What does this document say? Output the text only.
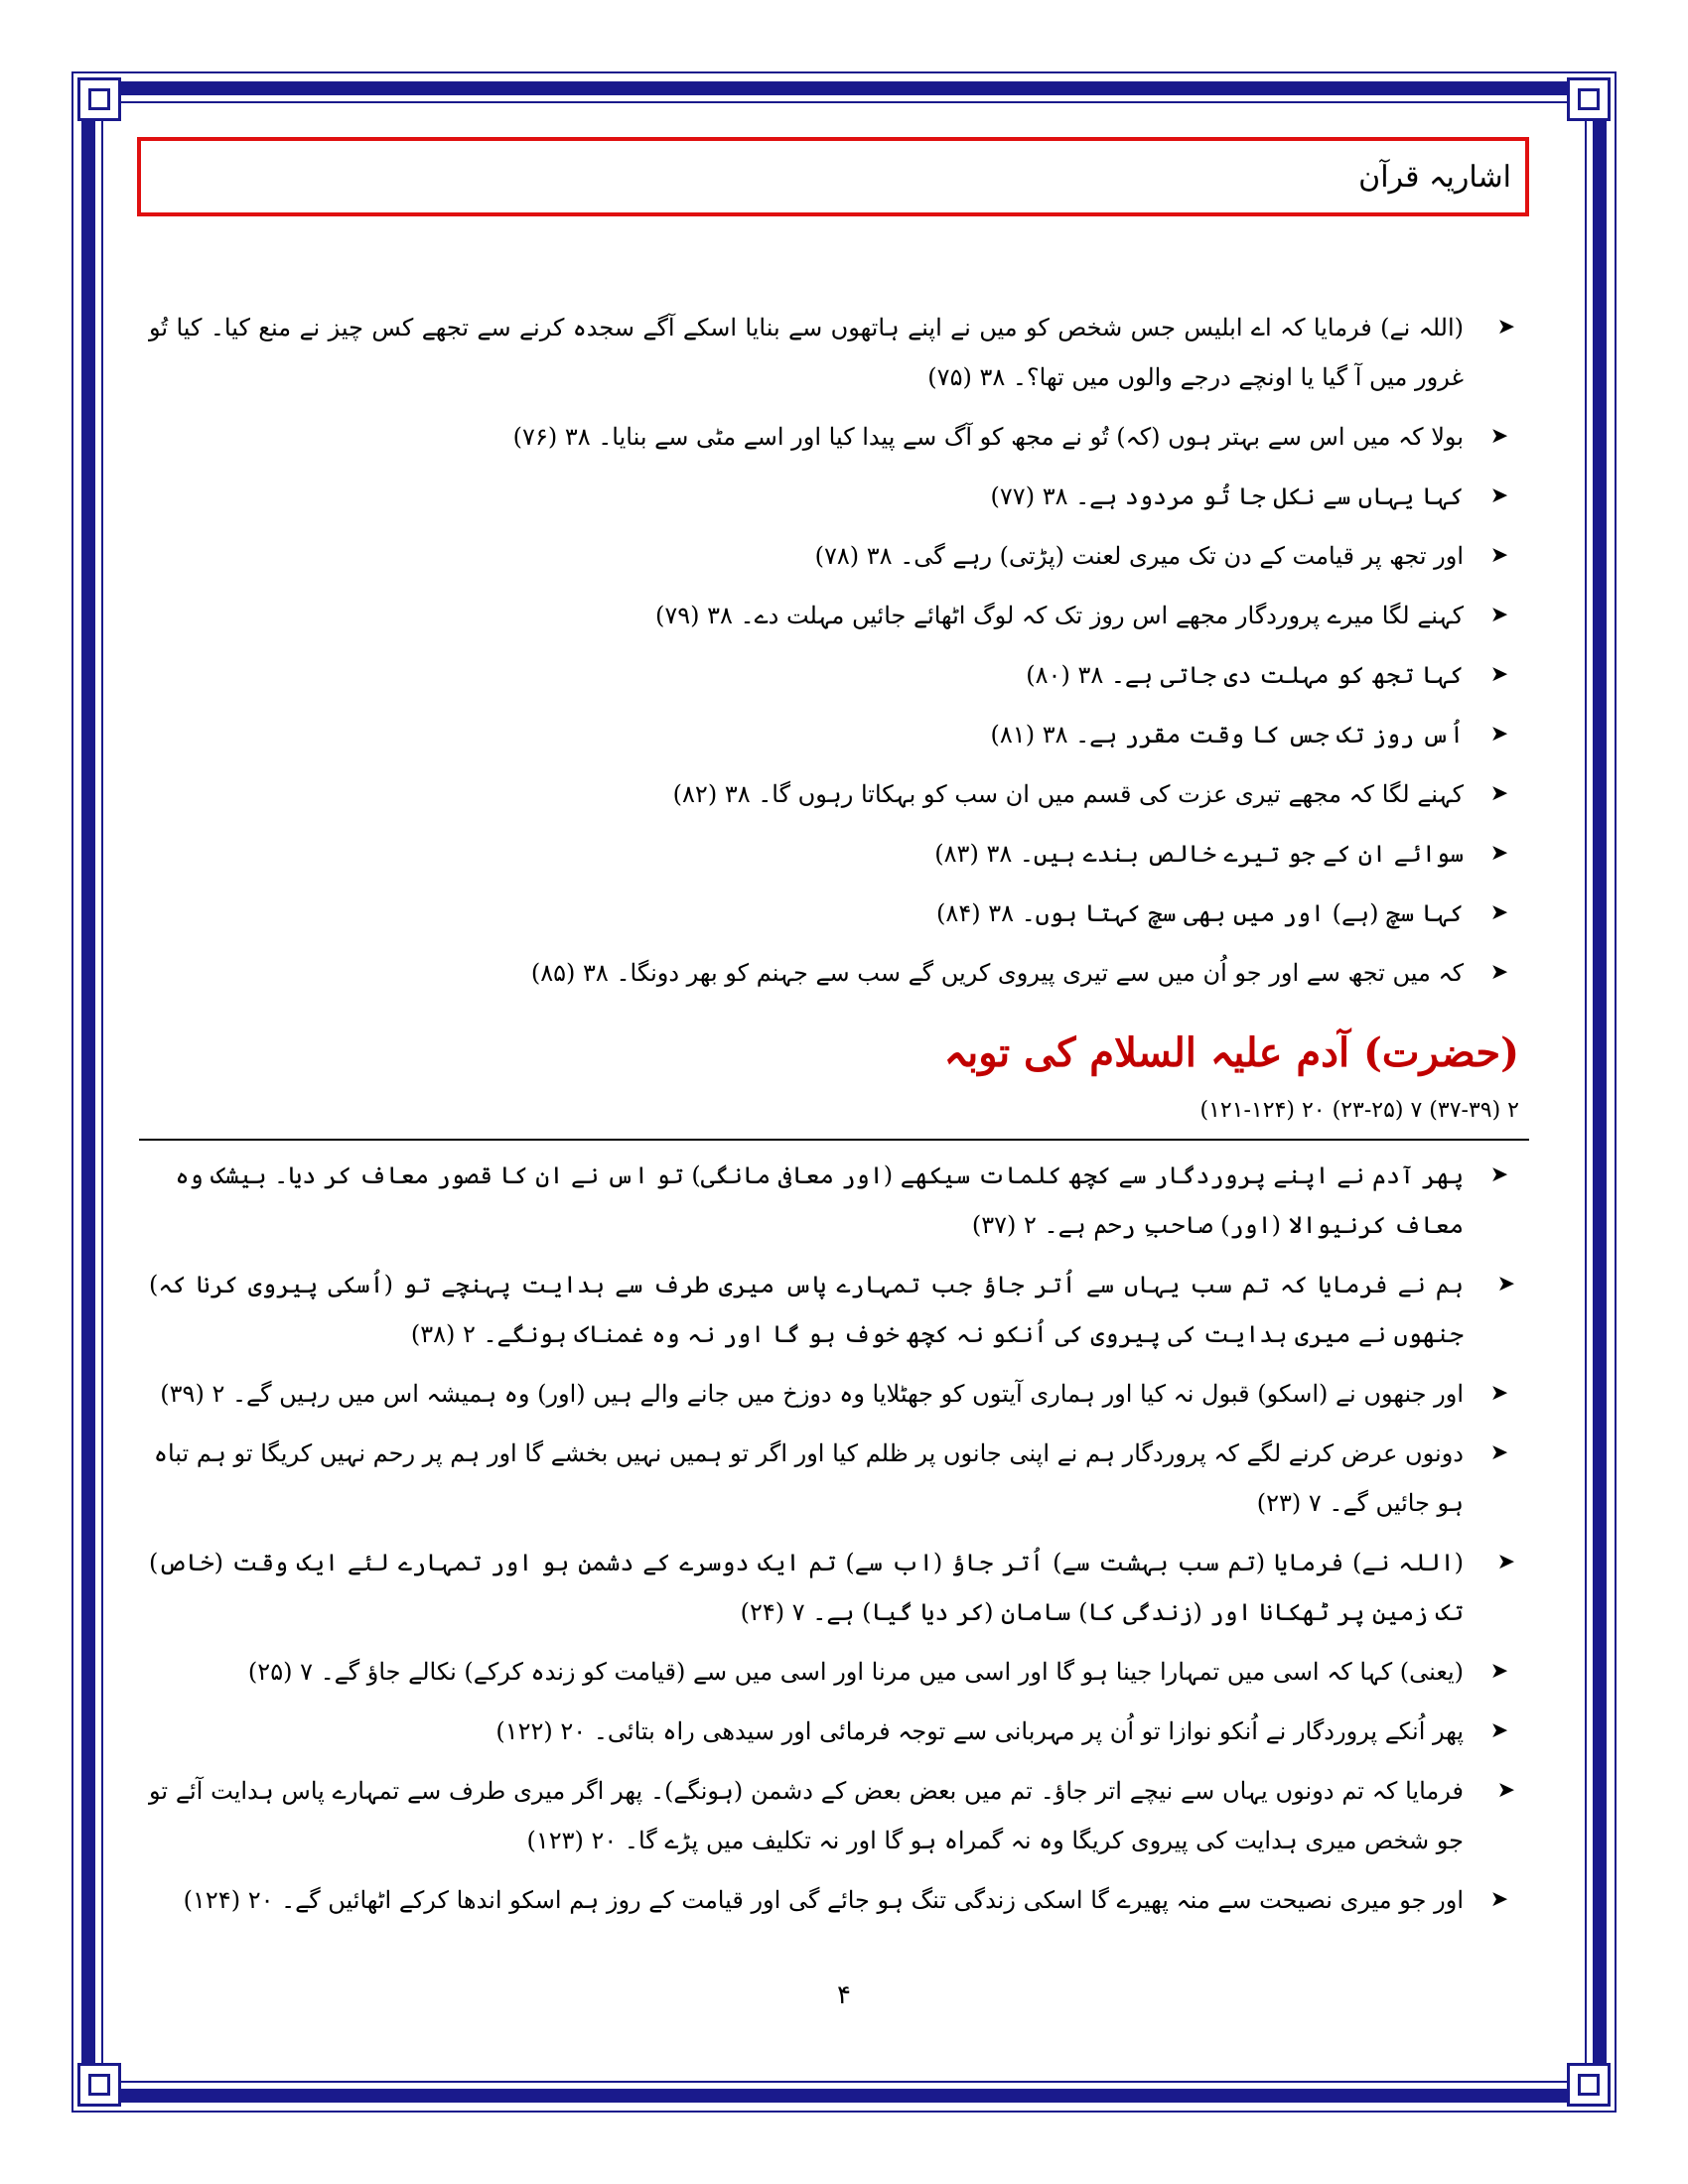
اشاریہ قرآن
➤
(اللہ نے) فرمایا کہ اے ابلیس جس شخص کو میں نے اپنے ہاتھوں سے بنایا اسکے آگے سجدہ کرنے سے تجھے کس چیز نے منع کیا۔ کیا تُو غرور میں آ گیا یا اونچے درجے والوں میں تھا؟۔ ۳۸ (۷۵)
➤
بولا کہ میں اس سے بہتر ہوں (کہ) تُو نے مجھ کو آگ سے پیدا کیا اور اسے مٹی سے بنایا۔ ۳۸ (۷۶)
➤
کہا یہاں سے نکل جا تُو مردود ہے۔ ۳۸ (۷۷)
➤
اور تجھ پر قیامت کے دن تک میری لعنت (پڑتی) رہے گی۔ ۳۸ (۷۸)
➤
کہنے لگا میرے پروردگار مجھے اس روز تک کہ لوگ اٹھائے جائیں مہلت دے۔ ۳۸ (۷۹)
➤
کہا تجھ کو مہلت دی جاتی ہے۔ ۳۸ (۸۰)
➤
اُس روز تک جس کا وقت مقرر ہے۔ ۳۸ (۸۱)
➤
کہنے لگا کہ مجھے تیری عزت کی قسم میں ان سب کو بہکاتا رہوں گا۔ ۳۸ (۸۲)
➤
سوائے ان کے جو تیرے خالص بندے ہیں۔ ۳۸ (۸۳)
➤
کہا سچ (ہے) اور میں بھی سچ کہتا ہوں۔ ۳۸ (۸۴)
➤
کہ میں تجھ سے اور جو اُن میں سے تیری پیروی کریں گے سب سے جہنم کو بھر دونگا۔ ۳۸ (۸۵)
(حضرت) آدم علیہ السلام کی توبہ
۲ (۳۷-۳۹) ۷ (۲۳-۲۵) ۲۰ (۱۲۱-۱۲۴)
➤
پھر آدم نے اپنے پروردگار سے کچھ کلمات سیکھے (اور معافی مانگی) تو اس نے ان کا قصور معاف کر دیا۔ بیشک وہ معاف کرنیوالا (اور) صاحبِ رحم ہے۔ ۲ (۳۷)
➤
ہم نے فرمایا کہ تم سب یہاں سے اُتر جاؤ جب تمہارے پاس میری طرف سے ہدایت پہنچے تو (اُسکی پیروی کرنا کہ) جنھوں نے میری ہدایت کی پیروی کی اُنکو نہ کچھ خوف ہو گا اور نہ وہ غمناک ہونگے۔ ۲ (۳۸)
➤
اور جنھوں نے (اسکو) قبول نہ کیا اور ہماری آیتوں کو جھٹلایا وہ دوزخ میں جانے والے ہیں (اور) وہ ہمیشہ اس میں رہیں گے۔ ۲ (۳۹)
➤
دونوں عرض کرنے لگے کہ پروردگار ہم نے اپنی جانوں پر ظلم کیا اور اگر تو ہمیں نہیں بخشے گا اور ہم پر رحم نہیں کریگا تو ہم تباہ ہو جائیں گے۔ ۷ (۲۳)
➤
(اللہ نے) فرمایا (تم سب بہشت سے) اُتر جاؤ (اب سے) تم ایک دوسرے کے دشمن ہو اور تمہارے لئے ایک وقت (خاص) تک زمین پر ٹھکانا اور (زندگی کا) سامان (کر دیا گیا) ہے۔ ۷ (۲۴)
➤
(یعنی) کہا کہ اسی میں تمہارا جینا ہو گا اور اسی میں مرنا اور اسی میں سے (قیامت کو زندہ کرکے) نکالے جاؤ گے۔ ۷ (۲۵)
➤
پھر اُنکے پروردگار نے اُنکو نوازا تو اُن پر مہربانی سے توجہ فرمائی اور سیدھی راہ بتائی۔ ۲۰ (۱۲۲)
➤
فرمایا کہ تم دونوں یہاں سے نیچے اتر جاؤ۔ تم میں بعض بعض کے دشمن (ہونگے)۔ پھر اگر میری طرف سے تمہارے پاس ہدایت آئے تو جو شخص میری ہدایت کی پیروی کریگا وہ نہ گمراہ ہو گا اور نہ تکلیف میں پڑے گا۔ ۲۰ (۱۲۳)
➤
اور جو میری نصیحت سے منہ پھیرے گا اسکی زندگی تنگ ہو جائے گی اور قیامت کے روز ہم اسکو اندھا کرکے اٹھائیں گے۔ ۲۰ (۱۲۴)
۴
